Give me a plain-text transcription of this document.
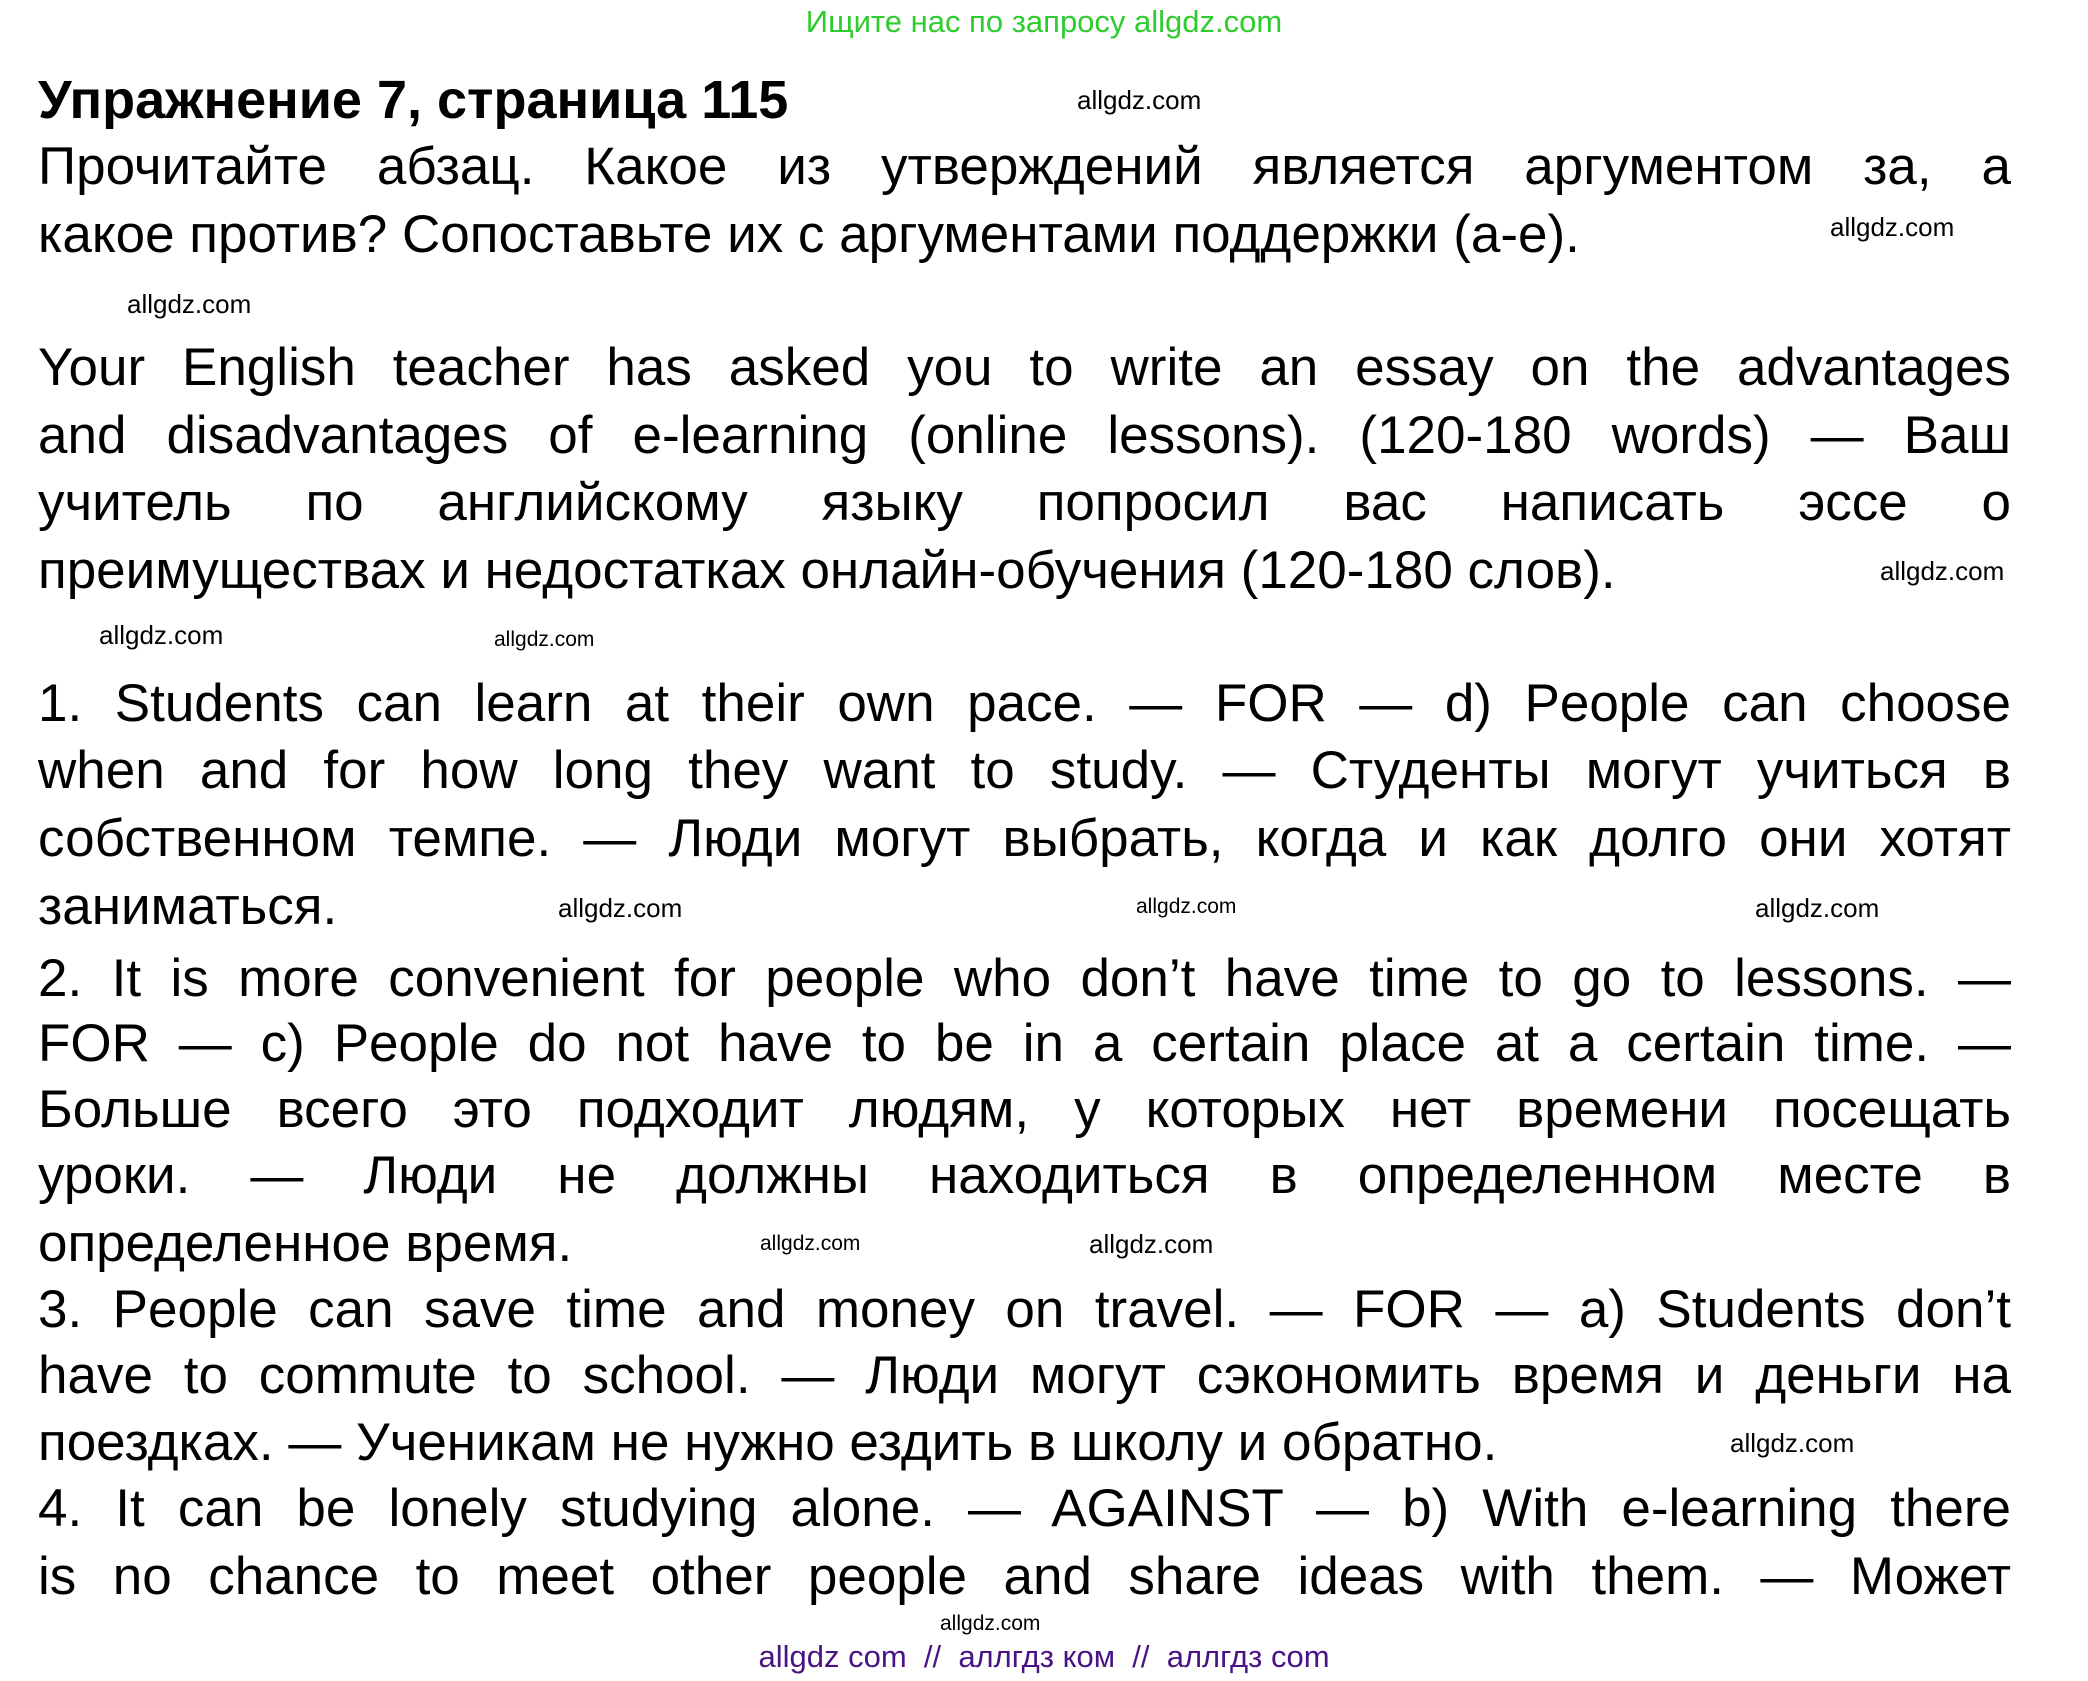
Ищите нас по запросу allgdz.com
Упражнение 7, страница 115
Прочитайте абзац. Какое из утверждений является аргументом за, а
какое против? Сопоставьте их с аргументами поддержки (a-e).
Your English teacher has asked you to write an essay on the advantages
and disadvantages of e-learning (online lessons). (120-180 words) — Ваш
учитель по английскому языку попросил вас написать эссе о
преимуществах и недостатках онлайн-обучения (120-180 слов).
1. Students can learn at their own pace. — FOR — d) People can choose
when and for how long they want to study. — Студенты могут учиться в
собственном темпе. — Люди могут выбрать, когда и как долго они хотят
заниматься.
2. It is more convenient for people who don’t have time to go to lessons. —
FOR — c) People do not have to be in a certain place at a certain time. —
Больше всего это подходит людям, у которых нет времени посещать
уроки. — Люди не должны находиться в определенном месте в
определенное время.
3. People can save time and money on travel. — FOR — a) Students don’t
have to commute to school. — Люди могут сэкономить время и деньги на
поездках. — Ученикам не нужно ездить в школу и обратно.
4. It can be lonely studying alone. — AGAINST — b) With e-learning there
is no chance to meet other people and share ideas with them. — Может
allgdz.com
allgdz.com
allgdz.com
allgdz.com
allgdz.com	allgdz.com
allgdz.com
allgdz.com	allgdz.com
allgdz.com	allgdz.com
allgdz.com
allgdz.com
allgdz com  //  аллгдз ком  //  аллгдз com
